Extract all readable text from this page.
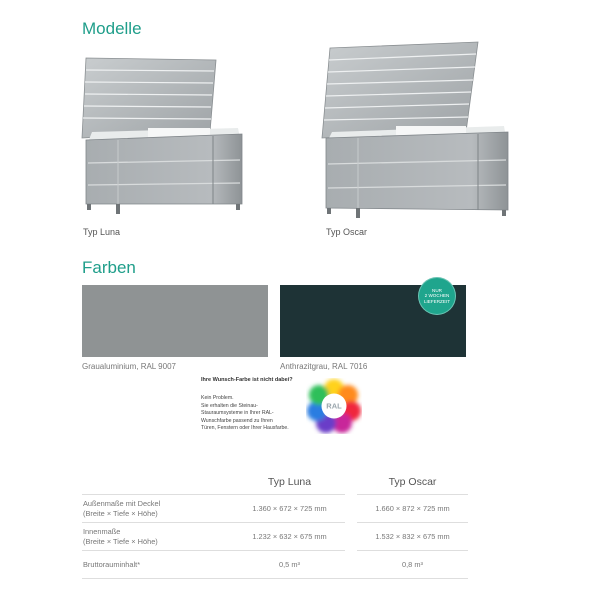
Modelle
Typ Luna	Typ Oscar
Farben
NUR
2 WOCHEN
LIEFERZEIT
Graualuminium, RAL 9007	Anthrazitgrau, RAL 7016
Ihre Wunsch-Farbe ist nicht dabei?
Kein Problem.
Sie erhalten die Steinau-
Stauraumsysteme in Ihrer RAL-
Wunschfarbe passend zu Ihren
Türen, Fenstern oder Ihrer Hausfarbe.
RAL
	Typ Luna		Typ Oscar
Außenmaße mit Deckel
(Breite × Tiefe × Höhe)	1.360 × 672 × 725 mm		1.660 × 872 × 725 mm
Innenmaße
(Breite × Tiefe × Höhe)	1.232 × 632 × 675 mm		1.532 × 832 × 675 mm
Bruttorauminhalt*	0,5 m³		0,8 m³
